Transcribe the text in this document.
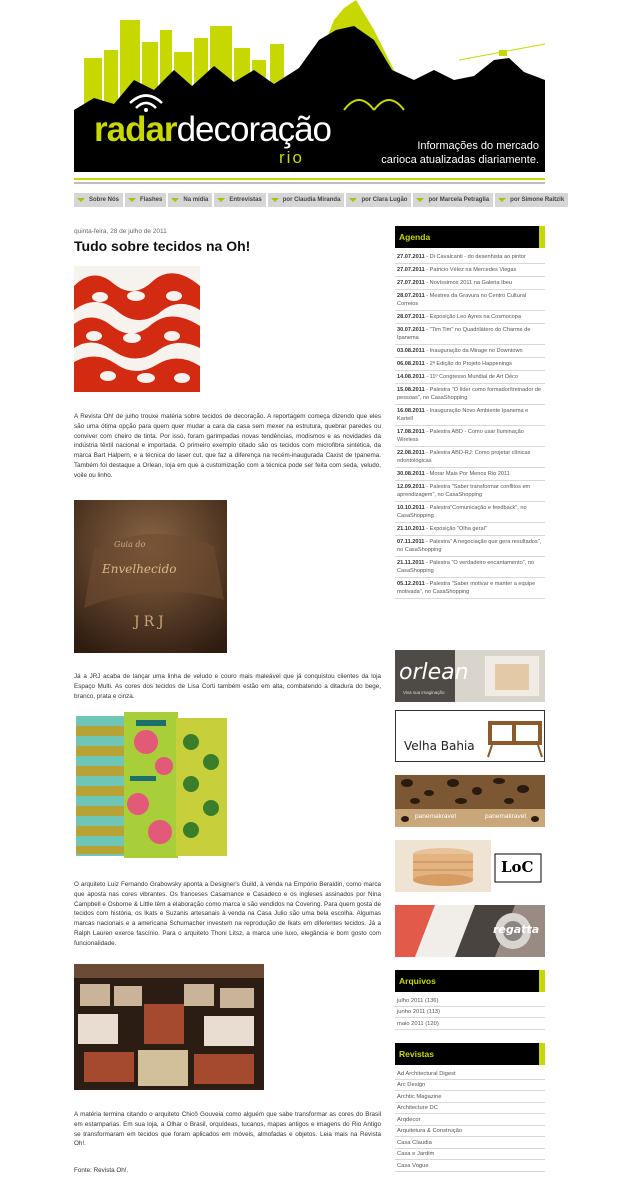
radardecoração
rio
Informações do mercado
carioca atualizadas diariamente.
Sobre Nós	Flashes	Na mídia	Entrevistas	por Claudia Miranda	por Clara Lugão	por Marcela Petraglia	por Simone Raitzik
quinta-feira, 28 de julho de 2011
Tudo sobre tecidos na Oh!
A Revista Oh! de julho trouxe matéria sobre tecidos de decoração. A reportagem começa dizendo que eles são uma ótima opção para quem quer mudar a cara da casa sem mexer na estrutura, quebrar paredes ou conviver com cheiro de tinta. Por isso, foram garimpadas novas tendências, modismos e as novidades da indústria têxtil nacional e importada. O primeiro exemplo citado são os tecidos com microfibra sintética, da marca Bart Halpern, e a técnica do laser cut, que faz a diferença na recém-inaugurada Caxist de Ipanema. Também foi destaque a Orlean, loja em que a customização com a técnica pode ser feita com seda, veludo, voile ou linho.
Guia do
Envelhecido
JRJ
Já a JRJ acaba de lançar uma linha de veludo e couro mais maleável que já conquistou clientes da loja Espaço Multi. As cores dos tecidos de Lisa Corti também estão em alta, combatendo a ditadura do bege, branco, prata e cinza.
O arquiteto Luiz Fernando Grabowsky aponta a Designer's Guild, à venda na Empório Beraldin, como marca que aposta nas cores vibrantes. Os franceses Casamance e Casadeco e os ingleses assinados por Nina Campbell e Osborne & Little têm a elaboração como marca e são vendidos na Covering. Para quem gosta de tecidos com história, os Ikats e Suzanis artesanais à venda na Casa Julio são uma bela escolha. Algumas marcas nacionais e a americana Schumacher investem na reprodução de Ikats em diferentes tecidos. Já a Ralph Lauren exerce fascínio. Para o arquiteto Thoni Litsz, a marca une luxo, elegância e bom gosto com funcionalidade.
A matéria termina citando o arquiteto Chicô Gouveia como alguém que sabe transformar as cores do Brasil em estamparias. Em sua loja, a Olhar o Brasil, orquídeas, tucanos, mapas antigos e imagens do Rio Antigo se transformaram em tecidos que foram aplicados em móveis, almofadas e objetos. Leia mais na Revista Oh!.
Fonte: Revista Oh!.
Agenda
27.07.2011 - Di Cavalcanti - do desenhista ao pintor
27.07.2011 - Patricio Vélez na Mercedes Viegas
27.07.2011 - Novíssimos 2011 na Galeria Ibeu
28.07.2011 - Mestres da Gravura no Centro Cultural Correios
28.07.2011 - Exposição Leo Ayres na Cosmocopa
30.07.2011 - "Tim Tim" no Quadrilátero do Charme de Ipanema
03.08.2011 - Inauguração da Mirage no Downtown
06.08.2011 - 2ª Edição do Projeto Happenings
14.08.2011 - 11º Congresso Mundial de Art Déco
15.08.2011 - Palestra "O líder como formador/treinador de pessoas", no CasaShopping
16.08.2011 - Inauguração Novo Ambiente Ipanema e Kartell
17.08.2011 - Palestra ABD - Como usar Iluminação Wireless
22.08.2011 - Palestra ABD-RJ: Como projetar clínicas odontológicas
30.08.2011 - Morar Mais Por Menos Rio 2011
12.09.2011 - Palestra "Saber transformar conflitos em aprendizagem", no CasaShopping
10.10.2011 - Palestra"Comunicação e feedback", no CasaShopping
21.10.2011 - Exposição "Olha geral"
07.11.2011 - Palestra" A negociação que gera resultados", no CasaShopping
21.11.2011 - Palestra "O verdadeiro encantamento", no CasaShopping
05.12.2011 - Palestra "Saber motivar e manter a equipe motivada", no CasaShopping
orlean
Viva sua imaginação
Velha Bahia
panemakravet	panemakravet
LoC
regatta
Arquivos
julho 2011 (136)
junho 2011 (113)
maio 2011 (120)
Revistas
Ad Architectural Digest
Arc Design
Archtic Magazine
Architecture DC
Arqdecor
Arquitetura & Construção
Casa Claudia
Casa e Jardim
Casa Vogue
